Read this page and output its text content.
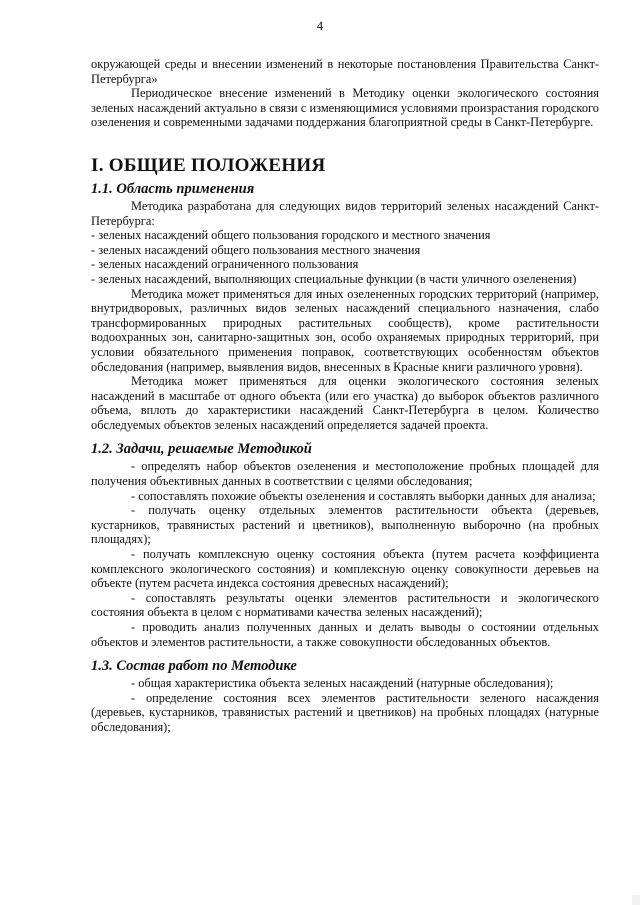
4

окружающей среды и внесении изменений в некоторые постановления Правительства Санкт-Петербурга»

Периодическое внесение изменений в Методику оценки экологического состояния зеленых насаждений актуально в связи с изменяющимися условиями произрастания городского озеленения и современными задачами поддержания благоприятной среды в Санкт-Петербурге.

I. ОБЩИЕ ПОЛОЖЕНИЯ

1.1. Область применения

Методика разработана для следующих видов территорий зеленых насаждений Санкт-Петербурга:

- зеленых насаждений общего пользования городского и местного значения

- зеленых насаждений общего пользования местного значения

- зеленых насаждений ограниченного пользования

- зеленых насаждений, выполняющих специальные функции (в части уличного озеленения)

Методика может применяться для иных озелененных городских территорий (например, внутридворовых, различных видов зеленых насаждений специального назначения, слабо трансформированных природных растительных сообществ), кроме растительности водоохранных зон, санитарно-защитных зон, особо охраняемых природных территорий, при условии обязательного применения поправок, соответствующих особенностям объектов обследования (например, выявления видов, внесенных в Красные книги различного уровня).

Методика может применяться для оценки экологического состояния зеленых насаждений в масштабе от одного объекта (или его участка) до выборок объектов различного объема, вплоть до характеристики насаждений Санкт-Петербурга в целом. Количество обследуемых объектов зеленых насаждений определяется задачей проекта.

1.2. Задачи, решаемые Методикой

- определять набор объектов озеленения и местоположение пробных площадей для получения объективных данных в соответствии с целями обследования;

- сопоставлять похожие объекты озеленения и составлять выборки данных для анализа;

- получать оценку отдельных элементов растительности объекта (деревьев, кустарников, травянистых растений и цветников), выполненную выборочно (на пробных площадях);

- получать комплексную оценку состояния объекта (путем расчета коэффициента комплексного экологического состояния) и комплексную оценку совокупности деревьев на объекте (путем расчета индекса состояния древесных насаждений);

- сопоставлять результаты оценки элементов растительности и экологического состояния объекта в целом с нормативами качества зеленых насаждений);

- проводить анализ полученных данных и делать выводы о состоянии отдельных объектов и элементов растительности, а также совокупности обследованных объектов.

1.3. Состав работ по Методике

- общая характеристика объекта зеленых насаждений (натурные обследования);

- определение состояния всех элементов растительности зеленого насаждения (деревьев, кустарников, травянистых растений и цветников) на пробных площадях (натурные обследования);
